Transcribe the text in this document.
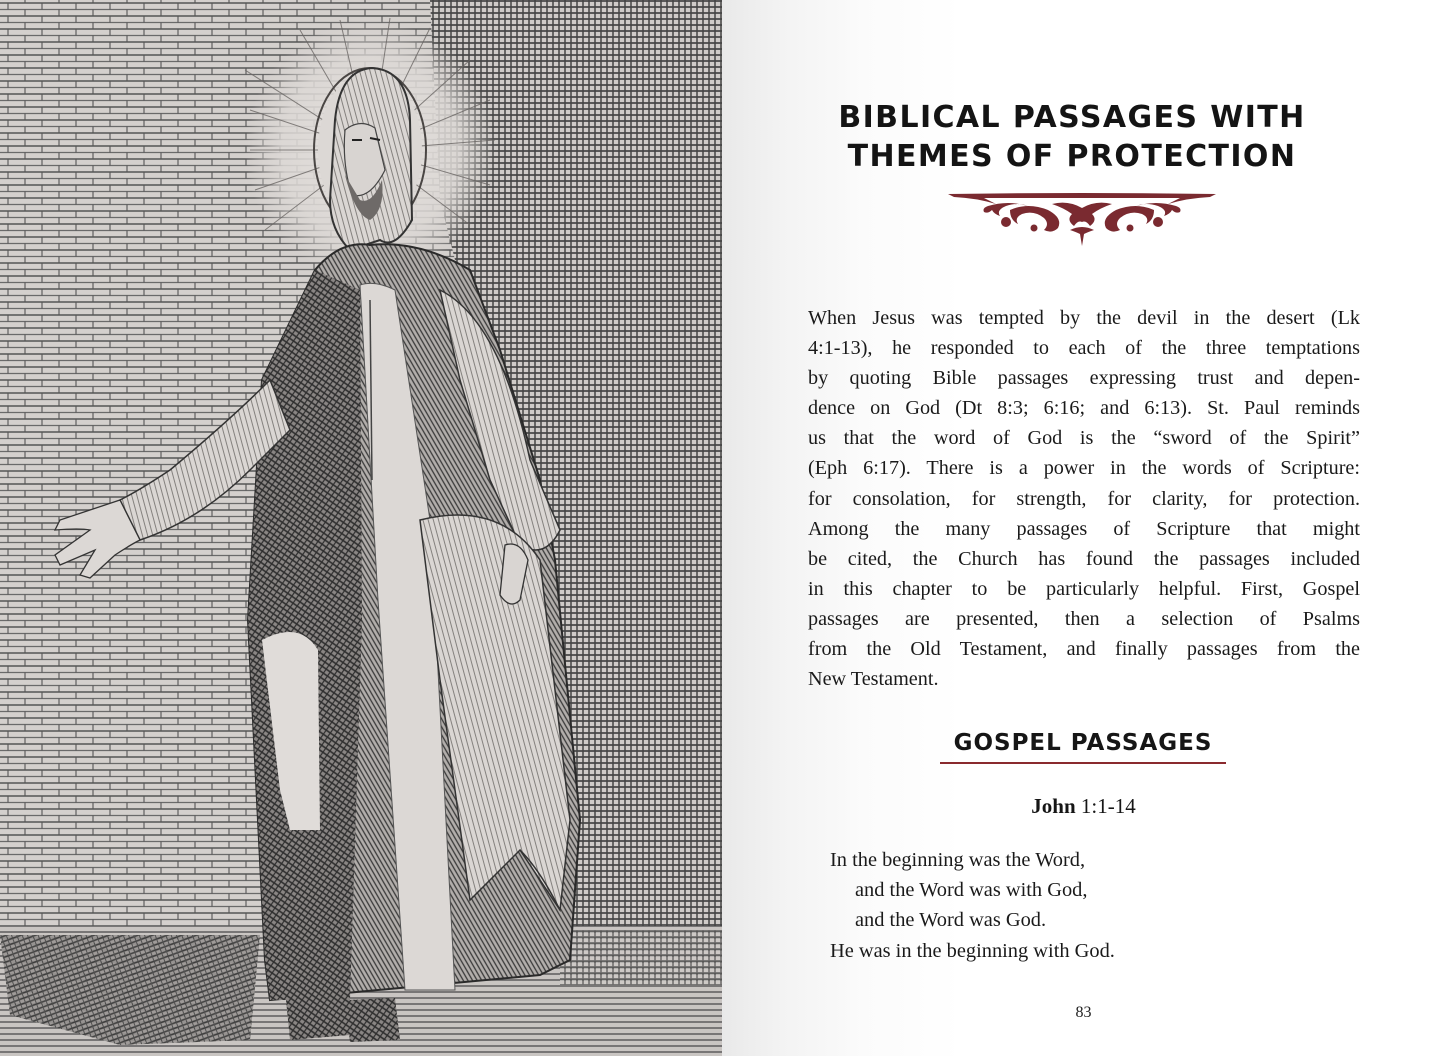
BIBLICAL PASSAGES WITH
THEMES OF PROTECTION

When Jesus was tempted by the devil in the desert (Lk
4:1-13), he responded to each of the three temptations
by quoting Bible passages expressing trust and depen-
dence on God (Dt 8:3; 6:16; and 6:13). St. Paul reminds
us that the word of God is the “sword of the Spirit”
(Eph 6:17). There is a power in the words of Scripture:
for consolation, for strength, for clarity, for protection.
Among the many passages of Scripture that might
be cited, the Church has found the passages included
in this chapter to be particularly helpful. First, Gospel
passages are presented, then a selection of Psalms
from the Old Testament, and finally passages from the
New Testament.

GOSPEL PASSAGES

John 1:1-14

In the beginning was the Word,
and the Word was with God,
and the Word was God.
He was in the beginning with God.
83
